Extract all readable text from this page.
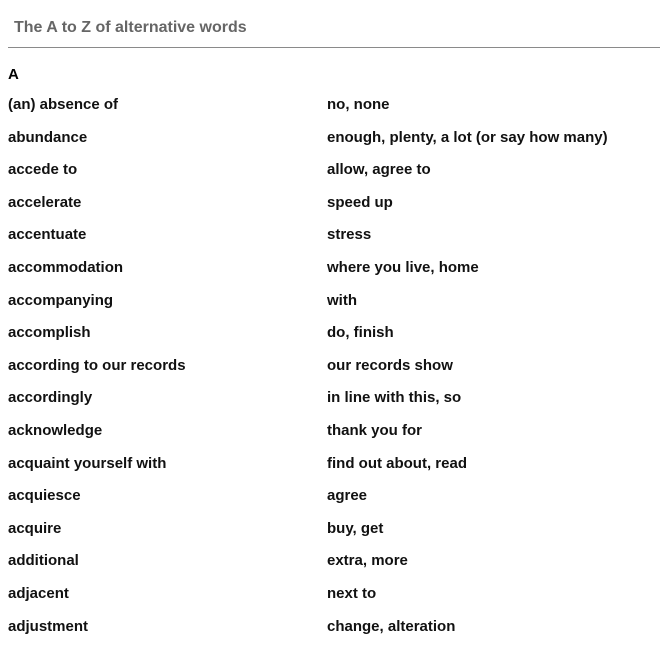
The A to Z of alternative words
A
(an) absence of	no, none
abundance	enough, plenty, a lot (or say how many)
accede to	allow, agree to
accelerate	speed up
accentuate	stress
accommodation	where you live, home
accompanying	with
accomplish	do, finish
according to our records	our records show
accordingly	in line with this, so
acknowledge	thank you for
acquaint yourself with	find out about, read
acquiesce	agree
acquire	buy, get
additional	extra, more
adjacent	next to
adjustment	change, alteration
